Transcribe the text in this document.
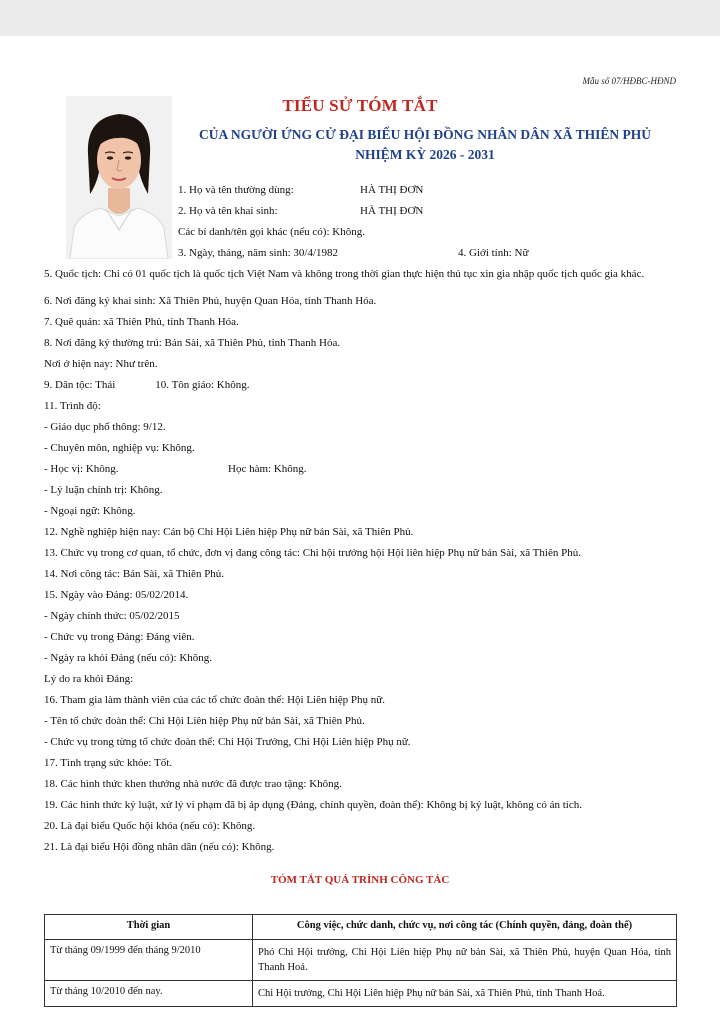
Mẫu số 07/HĐBC-HĐND
TIỂU SỬ TÓM TẮT
CỦA NGƯỜI ỨNG CỬ ĐẠI BIỂU HỘI ĐỒNG NHÂN DÂN XÃ THIÊN PHỦ
NHIỆM KỲ 2026 - 2031
1. Họ và tên thường dùng:	HÀ THỊ ĐƠN
2. Họ và tên khai sinh:	HÀ THỊ ĐƠN
Các bí danh/tên gọi khác (nếu có): Không.
3. Ngày, tháng, năm sinh: 30/4/1982	4. Giới tính: Nữ
5. Quốc tịch: Chỉ có 01 quốc tịch là quốc tịch Việt Nam và không trong thời gian thực hiện thủ tục xin gia nhập quốc tịch quốc gia khác.
6. Nơi đăng ký khai sinh: Xã Thiên Phủ, huyện Quan Hóa, tỉnh Thanh Hóa.
7. Quê quán: xã Thiên Phủ, tỉnh Thanh Hóa.
8. Nơi đăng ký thường trú: Bản Sài, xã Thiên Phủ, tỉnh Thanh Hóa.
Nơi ở hiện nay: Như trên.
9. Dân tộc: Thái	10. Tôn giáo: Không.
11. Trình độ:
- Giáo dục phổ thông: 9/12.
- Chuyên môn, nghiệp vụ: Không.
- Học vị: Không.	Học hàm: Không.
- Lý luận chính trị: Không.
- Ngoại ngữ: Không.
12. Nghề nghiệp hiện nay: Cán bộ Chi Hội Liên hiệp Phụ nữ bản Sài, xã Thiên Phủ.
13. Chức vụ trong cơ quan, tổ chức, đơn vị đang công tác: Chi hội trưởng hội Hội liên hiệp Phụ nữ bản Sài, xã Thiên Phủ.
14. Nơi công tác: Bản Sài, xã Thiên Phủ.
15. Ngày vào Đảng: 05/02/2014.
- Ngày chính thức: 05/02/2015
- Chức vụ trong Đảng: Đảng viên.
- Ngày ra khỏi Đảng (nếu có): Không.
Lý do ra khỏi Đảng:
16. Tham gia làm thành viên của các tổ chức đoàn thể: Hội Liên hiệp Phụ nữ.
- Tên tổ chức đoàn thể: Chi Hội Liên hiệp Phụ nữ bản Sài, xã Thiên Phủ.
- Chức vụ trong từng tổ chức đoàn thể: Chi Hội Trưởng, Chi Hội Liên hiệp Phụ nữ.
17. Tình trạng sức khỏe: Tốt.
18. Các hình thức khen thưởng nhà nước đã được trao tặng: Không.
19. Các hình thức kỷ luật, xử lý vi phạm đã bị áp dụng (Đảng, chính quyền, đoàn thể): Không bị kỷ luật, không có án tích.
20. Là đại biểu Quốc hội khóa (nếu có): Không.
21. Là đại biểu Hội đồng nhân dân (nếu có): Không.
TÓM TẮT QUÁ TRÌNH CÔNG TÁC
Thời gian	Công việc, chức danh, chức vụ, nơi công tác (Chính quyền, đảng, đoàn thể)
Từ tháng 09/1999 đến tháng 9/2010	Phó Chi Hội trưởng, Chi Hội Liên hiệp Phụ nữ bản Sài, xã Thiên Phủ, huyện Quan Hóa, tỉnh Thanh Hoá.
Từ tháng 10/2010 đến nay.	Chi Hội trưởng, Chi Hội Liên hiệp Phụ nữ bản Sài, xã Thiên Phủ, tỉnh Thanh Hoá.
